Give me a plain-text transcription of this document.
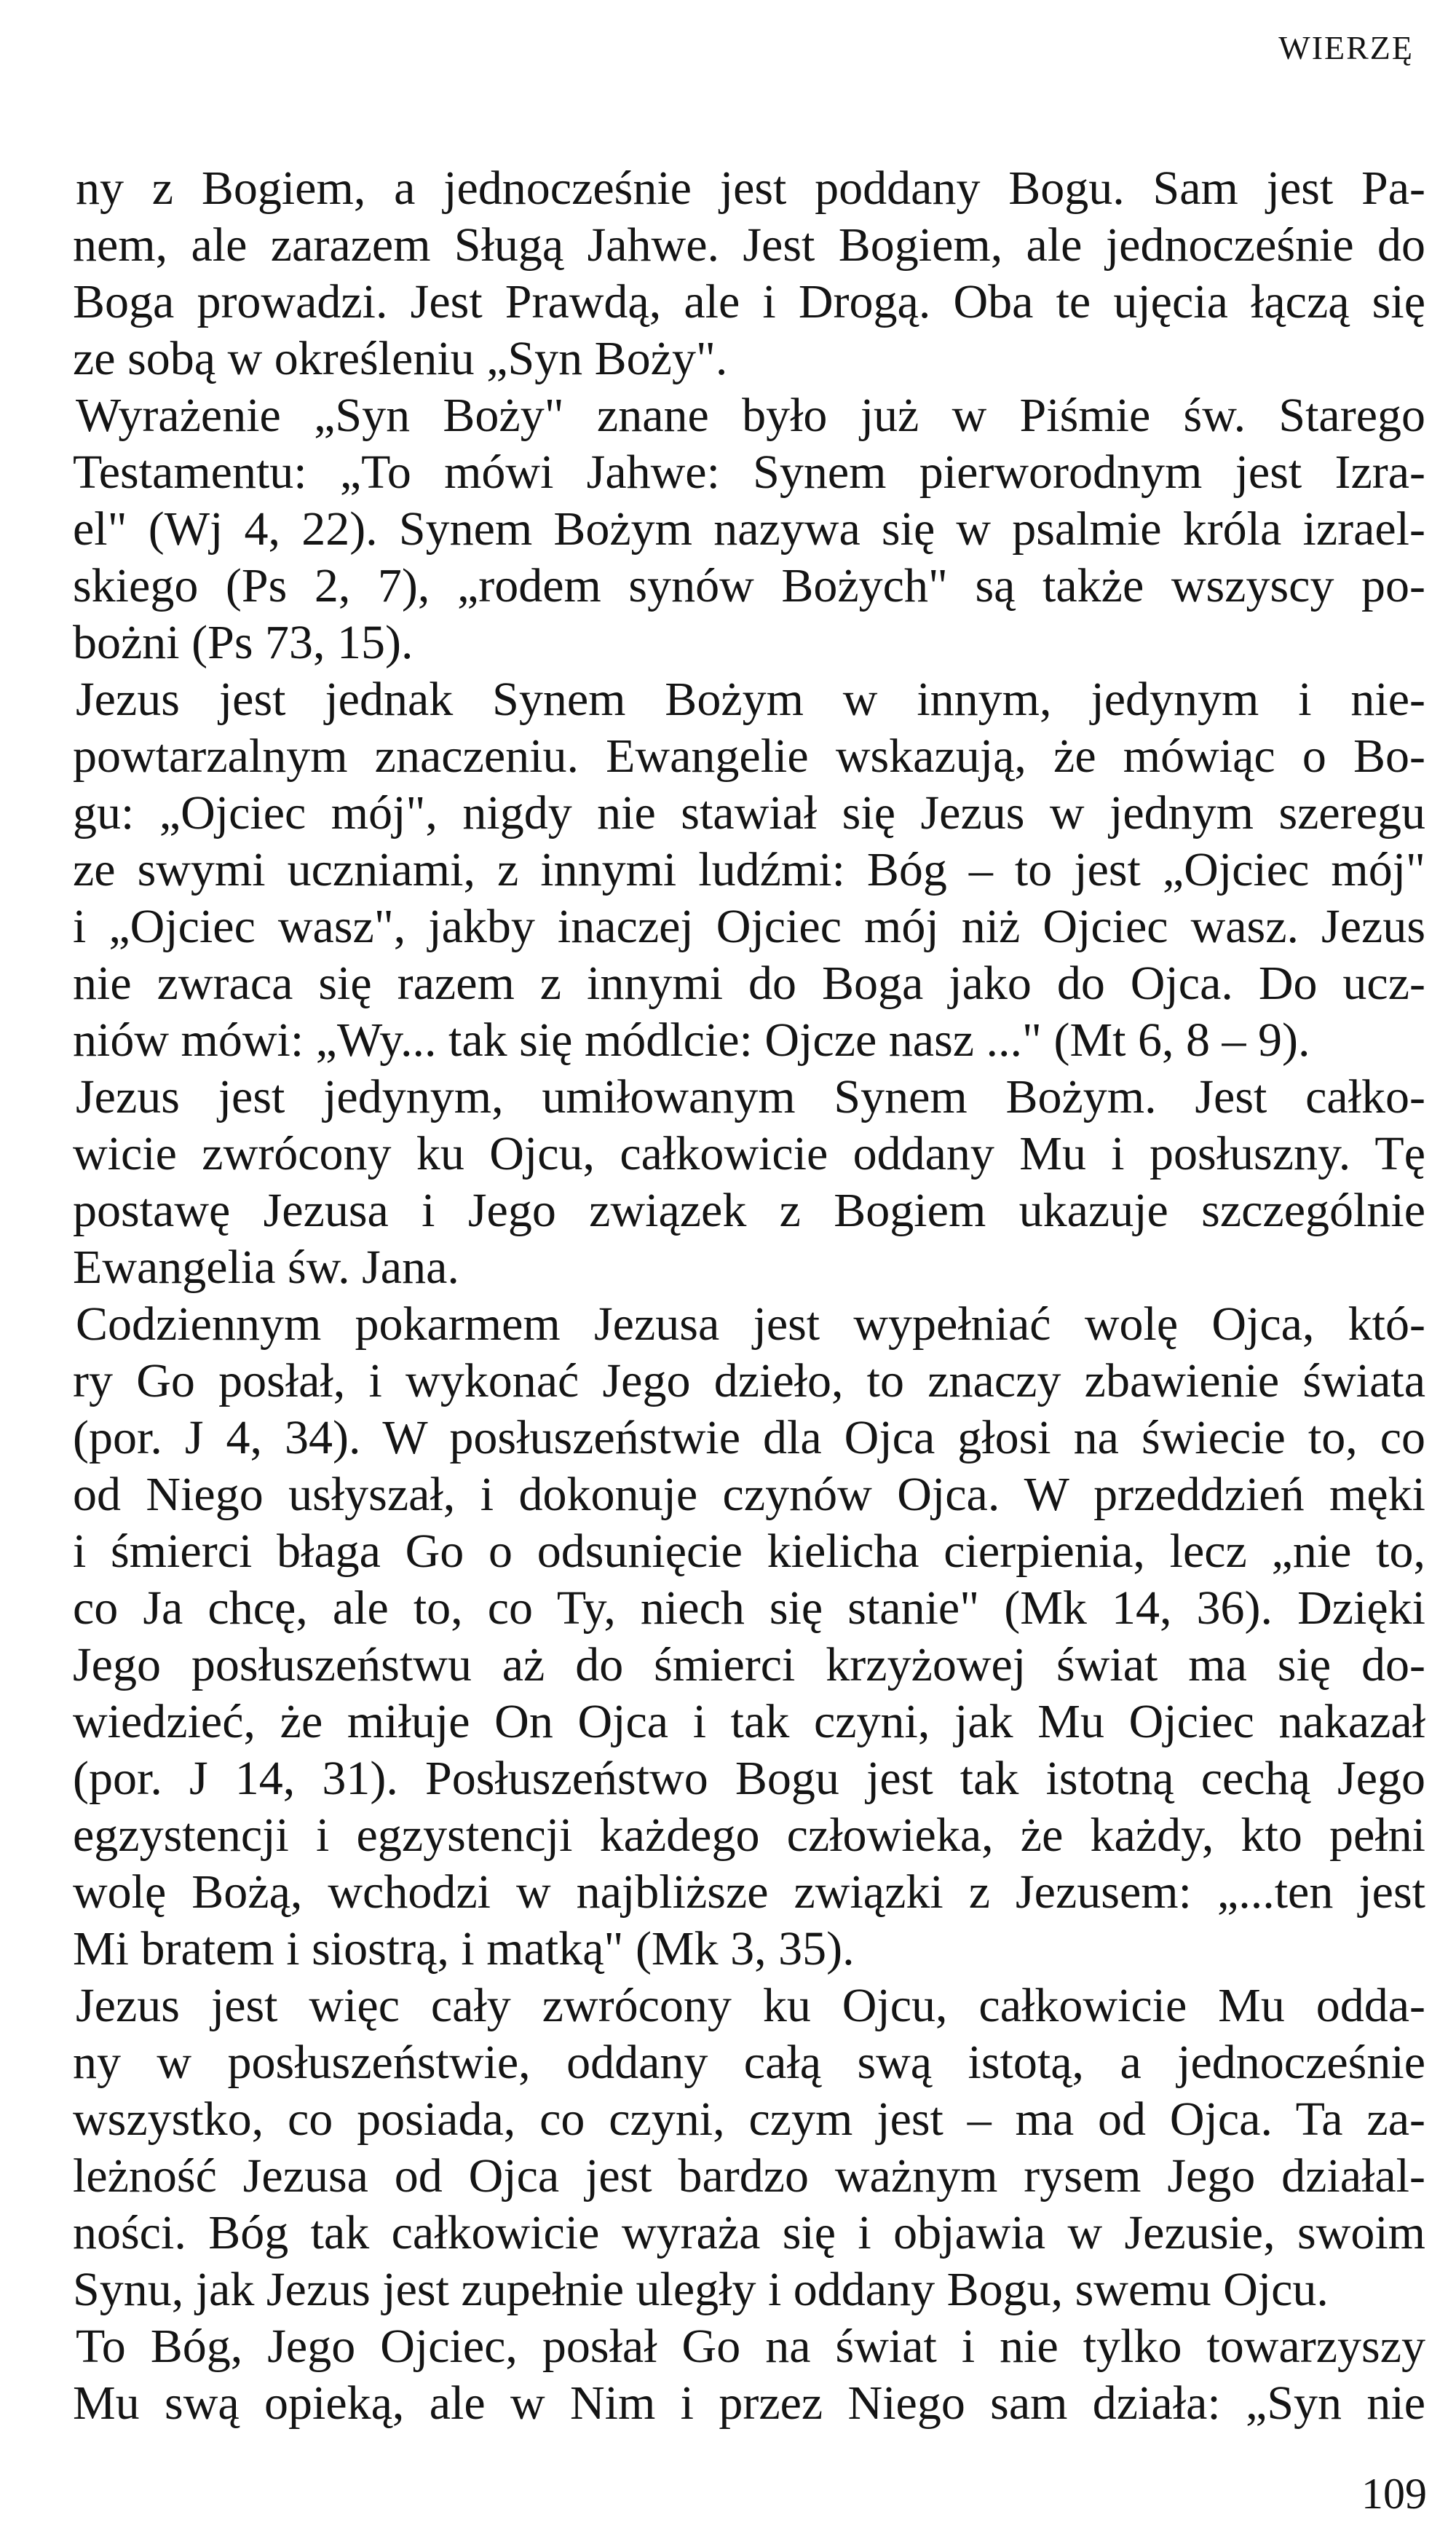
WIERZĘ
ny z Bogiem, a jednocześnie jest poddany Bogu. Sam jest Pa-
nem, ale zarazem Sługą Jahwe. Jest Bogiem, ale jednocześnie do
Boga prowadzi. Jest Prawdą, ale i Drogą. Oba te ujęcia łączą się
ze sobą w określeniu „Syn Boży".
Wyrażenie „Syn Boży" znane było już w Piśmie św. Starego
Testamentu: „To mówi Jahwe: Synem pierworodnym jest Izra-
el" (Wj 4, 22). Synem Bożym nazywa się w psalmie króla izrael-
skiego (Ps 2, 7), „rodem synów Bożych" są także wszyscy po-
bożni (Ps 73, 15).
Jezus jest jednak Synem Bożym w innym, jedynym i nie-
powtarzalnym znaczeniu. Ewangelie wskazują, że mówiąc o Bo-
gu: „Ojciec mój", nigdy nie stawiał się Jezus w jednym szeregu
ze swymi uczniami, z innymi ludźmi: Bóg – to jest „Ojciec mój"
i „Ojciec wasz", jakby inaczej Ojciec mój niż Ojciec wasz. Jezus
nie zwraca się razem z innymi do Boga jako do Ojca. Do ucz-
niów mówi: „Wy... tak się módlcie: Ojcze nasz ..." (Mt 6, 8 – 9).
Jezus jest jedynym, umiłowanym Synem Bożym. Jest całko-
wicie zwrócony ku Ojcu, całkowicie oddany Mu i posłuszny. Tę
postawę Jezusa i Jego związek z Bogiem ukazuje szczególnie
Ewangelia św. Jana.
Codziennym pokarmem Jezusa jest wypełniać wolę Ojca, któ-
ry Go posłał, i wykonać Jego dzieło, to znaczy zbawienie świata
(por. J 4, 34). W posłuszeństwie dla Ojca głosi na świecie to, co
od Niego usłyszał, i dokonuje czynów Ojca. W przeddzień męki
i śmierci błaga Go o odsunięcie kielicha cierpienia, lecz „nie to,
co Ja chcę, ale to, co Ty, niech się stanie" (Mk 14, 36). Dzięki
Jego posłuszeństwu aż do śmierci krzyżowej świat ma się do-
wiedzieć, że miłuje On Ojca i tak czyni, jak Mu Ojciec nakazał
(por. J 14, 31). Posłuszeństwo Bogu jest tak istotną cechą Jego
egzystencji i egzystencji każdego człowieka, że każdy, kto pełni
wolę Bożą, wchodzi w najbliższe związki z Jezusem: „...ten jest
Mi bratem i siostrą, i matką" (Mk 3, 35).
Jezus jest więc cały zwrócony ku Ojcu, całkowicie Mu odda-
ny w posłuszeństwie, oddany całą swą istotą, a jednocześnie
wszystko, co posiada, co czyni, czym jest – ma od Ojca. Ta za-
leżność Jezusa od Ojca jest bardzo ważnym rysem Jego działal-
ności. Bóg tak całkowicie wyraża się i objawia w Jezusie, swoim
Synu, jak Jezus jest zupełnie uległy i oddany Bogu, swemu Ojcu.
To Bóg, Jego Ojciec, posłał Go na świat i nie tylko towarzyszy
Mu swą opieką, ale w Nim i przez Niego sam działa: „Syn nie
109
